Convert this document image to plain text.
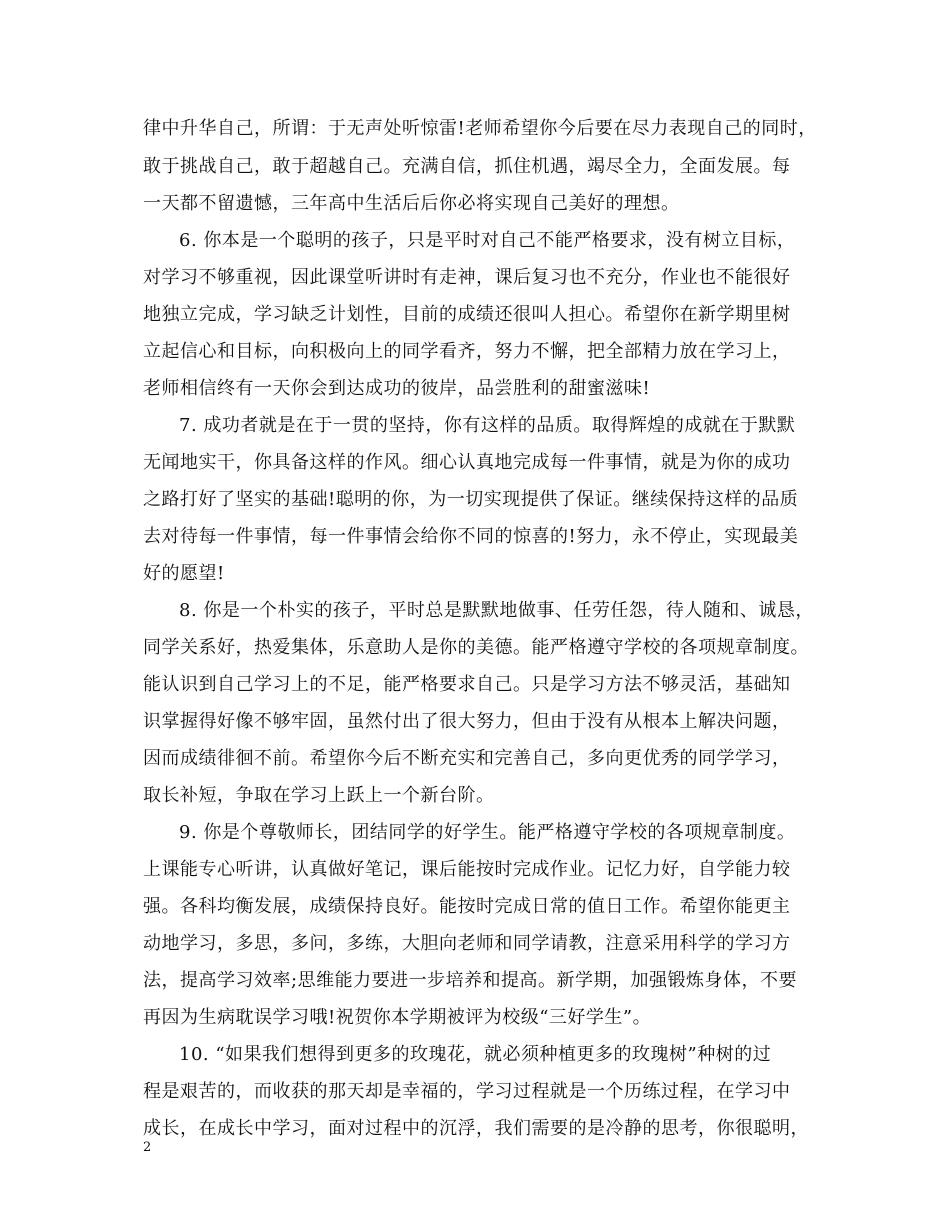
律中升华自己，所谓：于无声处听惊雷!老师希望你今后要在尽力表现自己的同时，
敢于挑战自己，敢于超越自己。充满自信，抓住机遇，竭尽全力，全面发展。每
一天都不留遗憾，三年高中生活后后你必将实现自己美好的理想。
6. 你本是一个聪明的孩子，只是平时对自己不能严格要求，没有树立目标，
对学习不够重视，因此课堂听讲时有走神，课后复习也不充分，作业也不能很好
地独立完成，学习缺乏计划性，目前的成绩还很叫人担心。希望你在新学期里树
立起信心和目标，向积极向上的同学看齐，努力不懈，把全部精力放在学习上，
老师相信终有一天你会到达成功的彼岸，品尝胜利的甜蜜滋味!
7. 成功者就是在于一贯的坚持，你有这样的品质。取得辉煌的成就在于默默
无闻地实干，你具备这样的作风。细心认真地完成每一件事情，就是为你的成功
之路打好了坚实的基础!聪明的你，为一切实现提供了保证。继续保持这样的品质
去对待每一件事情，每一件事情会给你不同的惊喜的!努力，永不停止，实现最美
好的愿望!
8. 你是一个朴实的孩子，平时总是默默地做事、任劳任怨，待人随和、诚恳，
同学关系好，热爱集体，乐意助人是你的美德。能严格遵守学校的各项规章制度。
能认识到自己学习上的不足，能严格要求自己。只是学习方法不够灵活，基础知
识掌握得好像不够牢固，虽然付出了很大努力，但由于没有从根本上解决问题，
因而成绩徘徊不前。希望你今后不断充实和完善自己，多向更优秀的同学学习，
取长补短，争取在学习上跃上一个新台阶。
9. 你是个尊敬师长，团结同学的好学生。能严格遵守学校的各项规章制度。
上课能专心听讲，认真做好笔记，课后能按时完成作业。记忆力好，自学能力较
强。各科均衡发展，成绩保持良好。能按时完成日常的值日工作。希望你能更主
动地学习，多思，多问，多练，大胆向老师和同学请教，注意采用科学的学习方
法，提高学习效率;思维能力要进一步培养和提高。新学期，加强锻炼身体，不要
再因为生病耽误学习哦!祝贺你本学期被评为校级“三好学生”。
10. “如果我们想得到更多的玫瑰花，就必须种植更多的玫瑰树”种树的过
程是艰苦的，而收获的那天却是幸福的，学习过程就是一个历练过程，在学习中
成长，在成长中学习，面对过程中的沉浮，我们需要的是冷静的思考，你很聪明，
2
